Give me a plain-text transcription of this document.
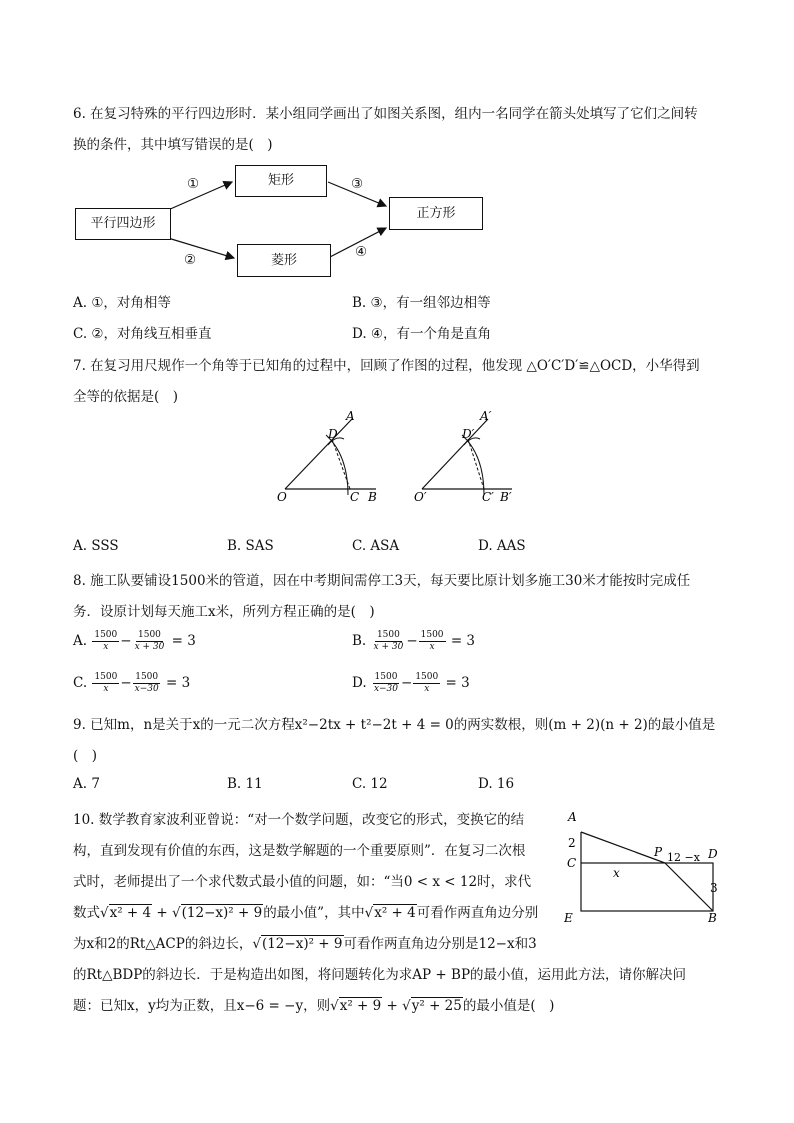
6. 在复习特殊的平行四边形时．某小组同学画出了如图关系图，组内一名同学在箭头处填写了它们之间转
换的条件，其中填写错误的是(　)
平行四边形
矩形
菱形
正方形
①
②
③
④
A. ①，对角相等	B. ③，有一组邻边相等
C. ②，对角线互相垂直	D. ④，有一个角是直角
7. 在复习用尺规作一个角等于已知角的过程中，回顾了作图的过程，他发现 △O′C′D′≌△OCD，小华得到
全等的依据是(　)
O
A
D
C B	O′
A′
D′
C′ B′
A. SSS	B. SAS	C. ASA	D. AAS
8. 施工队要铺设1500米的管道，因在中考期间需停工3天，每天要比原计划多施工30米才能按时完成任
务．设原计划每天施工x米，所列方程正确的是(　)
A. $\frac{1500}{x} - \frac{1500}{x + 30} = 3$	B. $\frac{1500}{x + 30} - \frac{1500}{x} = 3$
C. $\frac{1500}{x} - \frac{1500}{x-30} = 3$	D. $\frac{1500}{x-30} - \frac{1500}{x} = 3$
9. 已知m，n是关于x的一元二次方程x²−2tx + t²−2t + 4 = 0的两实数根，则(m + 2)(n + 2)的最小值是
(　)
A. 7	B. 11	C. 12	D. 16
10. 数学教育家波利亚曾说：“对一个数学问题，改变它的形式，变换它的结
构，直到发现有价值的东西，这是数学解题的一个重要原则”．在复习二次根
式时，老师提出了一个求代数式最小值的问题，如：“当0 < x < 12时，求代
数式√x² + 4 + √(12−x)² + 9的最小值”，其中√x² + 4可看作两直角边分别
为x和2的Rt△ACP的斜边长，√(12−x)² + 9可看作两直角边分别是12−x和3
的Rt△BDP的斜边长．于是构造出如图，将问题转化为求AP + BP的最小值，运用此方法，请你解决问
题：已知x，y均为正数，且x−6 = −y，则√x² + 9 + √y² + 25的最小值是(　)
A
2
C
E
P 12 −x D
x
3
B
